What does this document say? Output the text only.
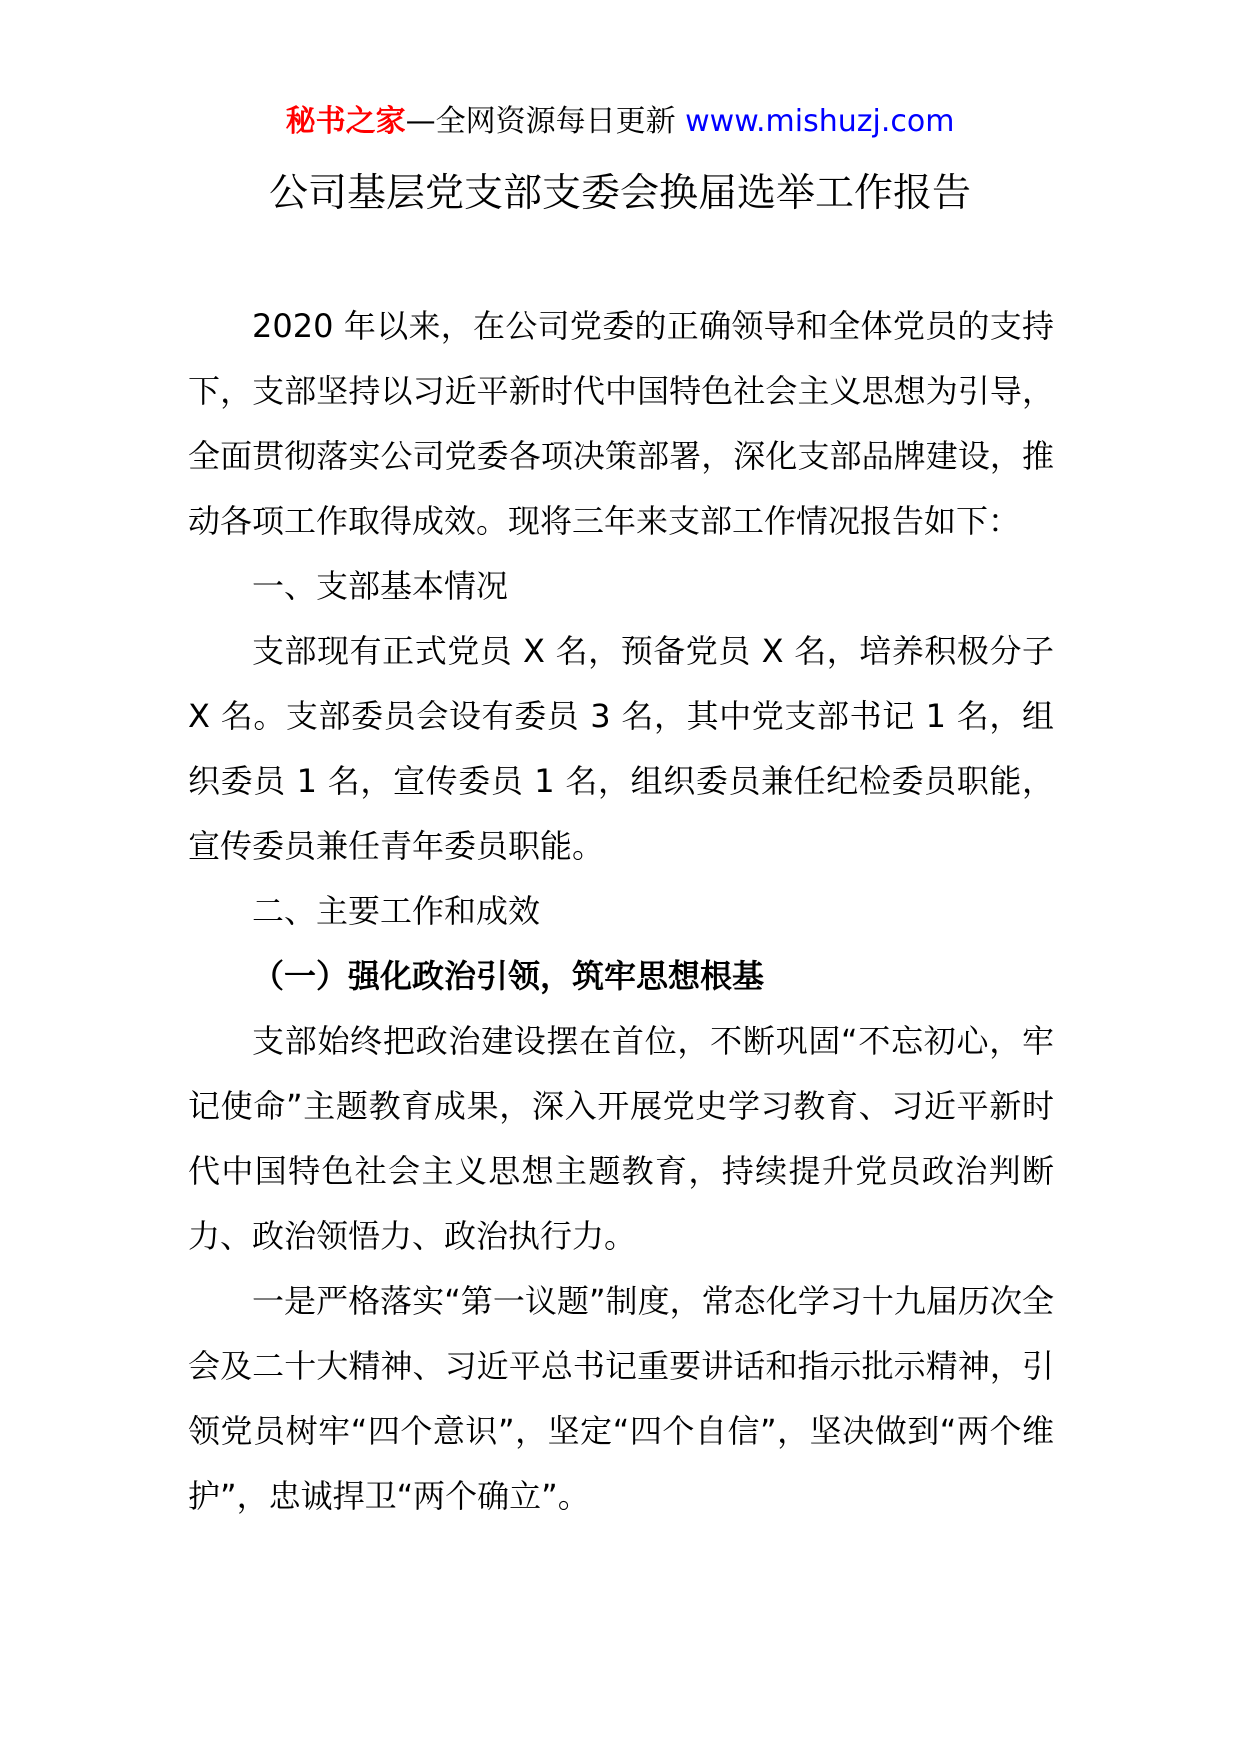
秘书之家—全网资源每日更新 www.mishuzj.com
公司基层党支部支委会换届选举工作报告

2020 年以来，在公司党委的正确领导和全体党员的支持下，支部坚持以习近平新时代中国特色社会主义思想为引导，全面贯彻落实公司党委各项决策部署，深化支部品牌建设，推动各项工作取得成效。现将三年来支部工作情况报告如下：

一、支部基本情况

支部现有正式党员 X 名，预备党员 X 名，培养积极分子 X 名。支部委员会设有委员 3 名，其中党支部书记 1 名，组织委员 1 名，宣传委员 1 名，组织委员兼任纪检委员职能，宣传委员兼任青年委员职能。

二、主要工作和成效

（一）强化政治引领，筑牢思想根基

支部始终把政治建设摆在首位，不断巩固“不忘初心，牢记使命”主题教育成果，深入开展党史学习教育、习近平新时代中国特色社会主义思想主题教育，持续提升党员政治判断力、政治领悟力、政治执行力。

一是严格落实“第一议题”制度，常态化学习十九届历次全会及二十大精神、习近平总书记重要讲话和指示批示精神，引领党员树牢“四个意识”，坚定“四个自信”，坚决做到“两个维护”，忠诚捍卫“两个确立”。
